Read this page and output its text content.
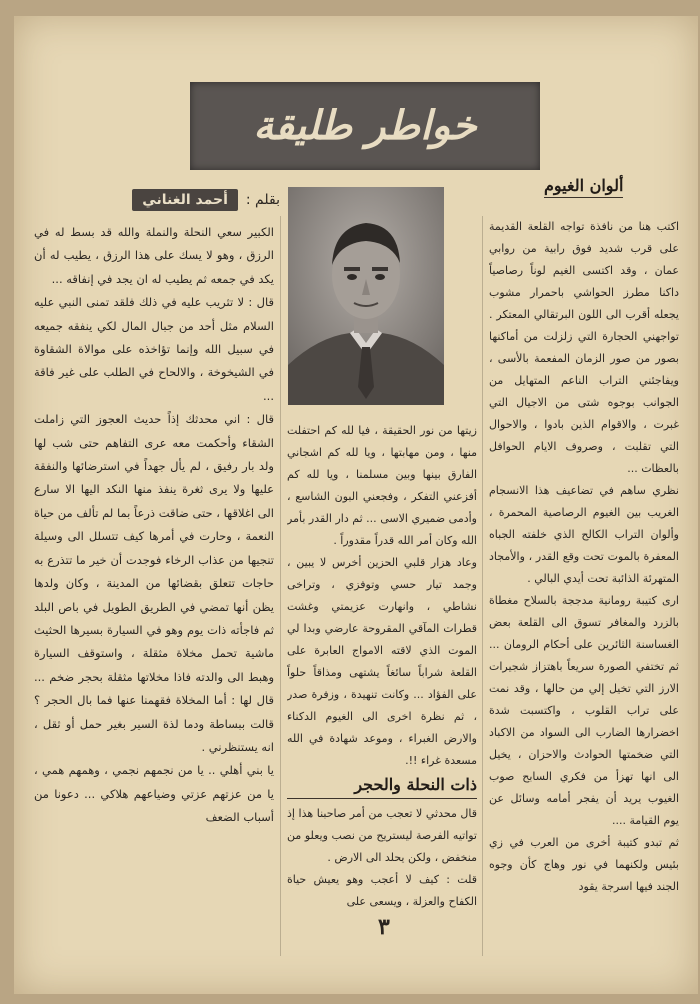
خواطر طليقة
بقلم :
أحمد الغناني
ألوان الغيوم

اكتب هنا من نافذة تواجه القلعة القديمة على قرب شديد فوق رابية من روابي عمان ، وقد اكتسى الغيم لوناً رصاصياً داكنا مطرز الحواشي باحمرار مشوب يجعله أقرب الى اللون البرتقالي المعتكر . تواجهني الحجارة التي زلزلت من أماكنها بصور من صور الزمان المفعمة بالأسى ، ويفاجئني التراب الناعم المتهايل من الجوانب بوجوه شتى من الاجيال التي غبرت ، والاقوام الذين بادوا ، والاحوال التي تقلبت ، وصروف الايام الحوافل بالعظات ...

نظري ساهم في تضاعيف هذا الانسجام الغريب بين الغيوم الرصاصية المحمرة ، وألوان التراب الكالح الذي خلفته الجباه المعفرة بالموت تحت وقع القدر ، والأمجاد المتهرئة الذائبة تحت أيدي البالي .

ارى كتيبة رومانية مدججة بالسلاح مغطاة بالزرد والمغافر تسوق الى القلعة بعض الغساسنة الثائرين على أحكام الرومان ... ثم تختفي الصورة سريعاً باهتزاز شجيرات الارز التي تخيل إلي من حالها ، وقد نمت على تراب القلوب ، واكتسبت شدة اخضرارها الضارب الى السواد من الاكباد التي ضخمتها الحوادث والاحزان ، يخيل الى انها تهزأ من فكري السابح صوب الغيوب يريد أن يفجر أمامه وسائل عن يوم القيامة ....

ثم تبدو كتيبة أخرى من العرب في زي بئيس ولكنهما في نور وهاج كأن وجوه الجند فيها اسرجة يقود

زيتها من نور الحقيقة ، فيا لله كم احتفلت منها ، ومن مهابتها ، ويا لله كم اشجاني الفارق بينها وبين مسلمنا ، ويا لله كم أفزعني التفكر ، وفجعني البون الشاسع ، وأدمى ضميري الاسى ... ثم دار القدر بأمر الله وكان أمر الله قدراً مقدوراً .

وعاد هزار قلبي الحزين أخرس لا يبين ، وجمد تيار حسي وتوفزي ، وتراخى نشاطي ، وانهارت عزيمتي وغشت قطرات المآقي المقروحة عارضي وبدا لي الموت الذي لاقته الامواج العابرة على القلعة شراباً سائغاً يشتهى ومذاقاً حلواً على الفؤاد ... وكانت تنهيدة ، وزفرة صدر ، ثم نظرة اخرى الى الغيوم الدكناء والارض الغبراء ، وموعد شهادة في الله مسعدة غراء !!.

ذات النحلة والحجر

قال محدثي لا تعجب من أمر صاحبنا هذا إذ تواتيه الفرصة ليستريح من نصب ويعلو من منخفض ، ولكن يحلد الى الارض .

قلت : كيف لا أعجب وهو يعيش حياة الكفاح والعزلة ، ويسعى على

الكبير سعي النحلة والنملة والله قد بسط له في الرزق ، وهو لا يسك على هذا الرزق ، يطيب له أن يكد في جمعه ثم يطيب له ان يجد في إنفاقه ...

قال : لا تثريب عليه في ذلك فلقد تمنى النبي عليه السلام مثل أحد من جبال المال لكي ينفقه جميعه في سبيل الله وإنما تؤاخذه على موالاة الشقاوة في الشيخوخة ، والالحاح في الطلب على غير فاقة ...

قال : اني محدثك إذاً حديث العجوز التي زاملت الشقاء وأحكمت معه عرى التفاهم حتى شب لها ولد بار رفيق ، لم يأل جهداً في استرضائها والنفقة عليها ولا يرى ثغرة ينفذ منها النكد اليها الا سارع الى اغلاقها ، حتى ضاقت ذرعاً بما لم تألف من حياة النعمة ، وحارت في أمرها كيف تتسلل الى وسيلة تنجيها من عذاب الرخاء فوجدت أن خير ما تتذرع به حاجات تتعلق بقضائها من المدينة ، وكان ولدها يظن أنها تمضي في الطريق الطويل في باص البلد ثم فاجأته ذات يوم وهو في السيارة بسيرها الحثيث ماشية تحمل مخلاة مثقلة ، واستوقف السيارة وهبط الى والدته فاذا مخلاتها مثقلة بحجر ضخم ... قال لها : أما المخلاة فقهمنا عنها فما بال الحجر ؟ قالت ببساطة ودما لذة السير بغير حمل أو ثقل ، انه يستنظرني .

يا بني أهلي .. يا من نجمهم نجمي ، وهمهم همي ، يا من عزتهم عزتي وضياعهم هلاكي ... دعونا من أسباب الضعف

٣
